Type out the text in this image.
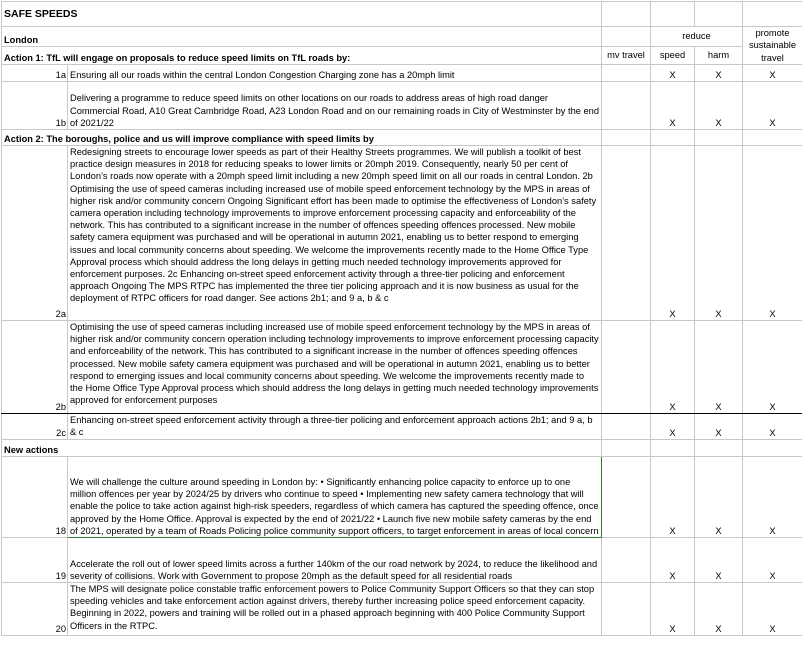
SAFE SPEEDS					
London			reduce		promote sustainable travel
Action 1: TfL will engage on proposals to reduce speed limits on TfL roads by:		mv travel	speed	harm	
1a	Ensuring all our roads within the central London Congestion Charging zone has a 20mph limit		X	X	X
1b	Delivering a programme to reduce speed limits on other locations on our roads to address areas of high road danger Commercial Road, A10 Great Cambridge Road, A23 London Road and on our remaining roads in City of Westminster by the end of 2021/22		X	X	X
Action 2: The boroughs, police and us will improve compliance with speed limits by					
2a	Redesigning streets to encourage lower speeds as part of their Healthy Streets programmes. We will publish a toolkit of best practice design measures in 2018 for reducing speaks to lower limits or 20mph 2019. Consequently, nearly 50 per cent of London’s roads now operate with a 20mph speed limit including a new 20mph speed limit on all our roads in central London. 2b Optimising the use of speed cameras including increased use of mobile speed enforcement technology by the MPS in areas of higher risk and/or community concern Ongoing Significant effort has been made to optimise the effectiveness of London’s safety camera operation including technology improvements to improve enforcement processing capacity and enforceability of the network. This has contributed to a significant increase in the number of offences speeding offences processed. New mobile safety camera equipment was purchased and will be operational in autumn 2021, enabling us to better respond to emerging issues and local community concerns about speeding. We welcome the improvements recently made to the Home Office Type Approval process which should address the long delays in getting much needed technology improvements approved for enforcement purposes. 2c Enhancing on-street speed enforcement activity through a three-tier policing and enforcement approach Ongoing The MPS RTPC has implemented the three tier policing approach and it is now business as usual for the deployment of RTPC officers for road danger. See actions 2b1; and 9 a, b & c		X	X	X
2b	Optimising the use of speed cameras including increased use of mobile speed enforcement technology by the MPS in areas of higher risk and/or community concern operation including technology improvements to improve enforcement processing capacity and enforceability of the network. This has contributed to a significant increase in the number of offences speeding offences processed. New mobile safety camera equipment was purchased and will be operational in autumn 2021, enabling us to better respond to emerging issues and local community concerns about speeding. We welcome the improvements recently made to the Home Office Type Approval process which should address the long delays in getting much needed technology improvements approved for enforcement purposes		X	X	X
2c	Enhancing on-street speed enforcement activity through a three-tier policing and enforcement approach actions 2b1; and 9 a, b & c		X	X	X
New actions					
18	We will challenge the culture around speeding in London by: • Significantly enhancing police capacity to enforce up to one million offences per year by 2024/25 by drivers who continue to speed • Implementing new safety camera technology that will enable the police to take action against high-risk speeders, regardless of which camera has captured the speeding offence, once approved by the Home Office. Approval is expected by the end of 2021/22 • Launch five new mobile safety cameras by the end of 2021, operated by a team of Roads Policing police community support officers, to target enforcement in areas of local concern		X	X	X
19	Accelerate the roll out of lower speed limits across a further 140km of the our road network by 2024, to reduce the likelihood and severity of collisions. Work with Government to propose 20mph as the default speed for all residential roads		X	X	X
20	The MPS will designate police constable traffic enforcement powers to Police Community Support Officers so that they can stop speeding vehicles and take enforcement action against drivers, thereby further increasing police speed enforcement capacity. Beginning in 2022, powers and training will be rolled out in a phased approach beginning with 400 Police Community Support Officers in the RTPC.		X	X	X
